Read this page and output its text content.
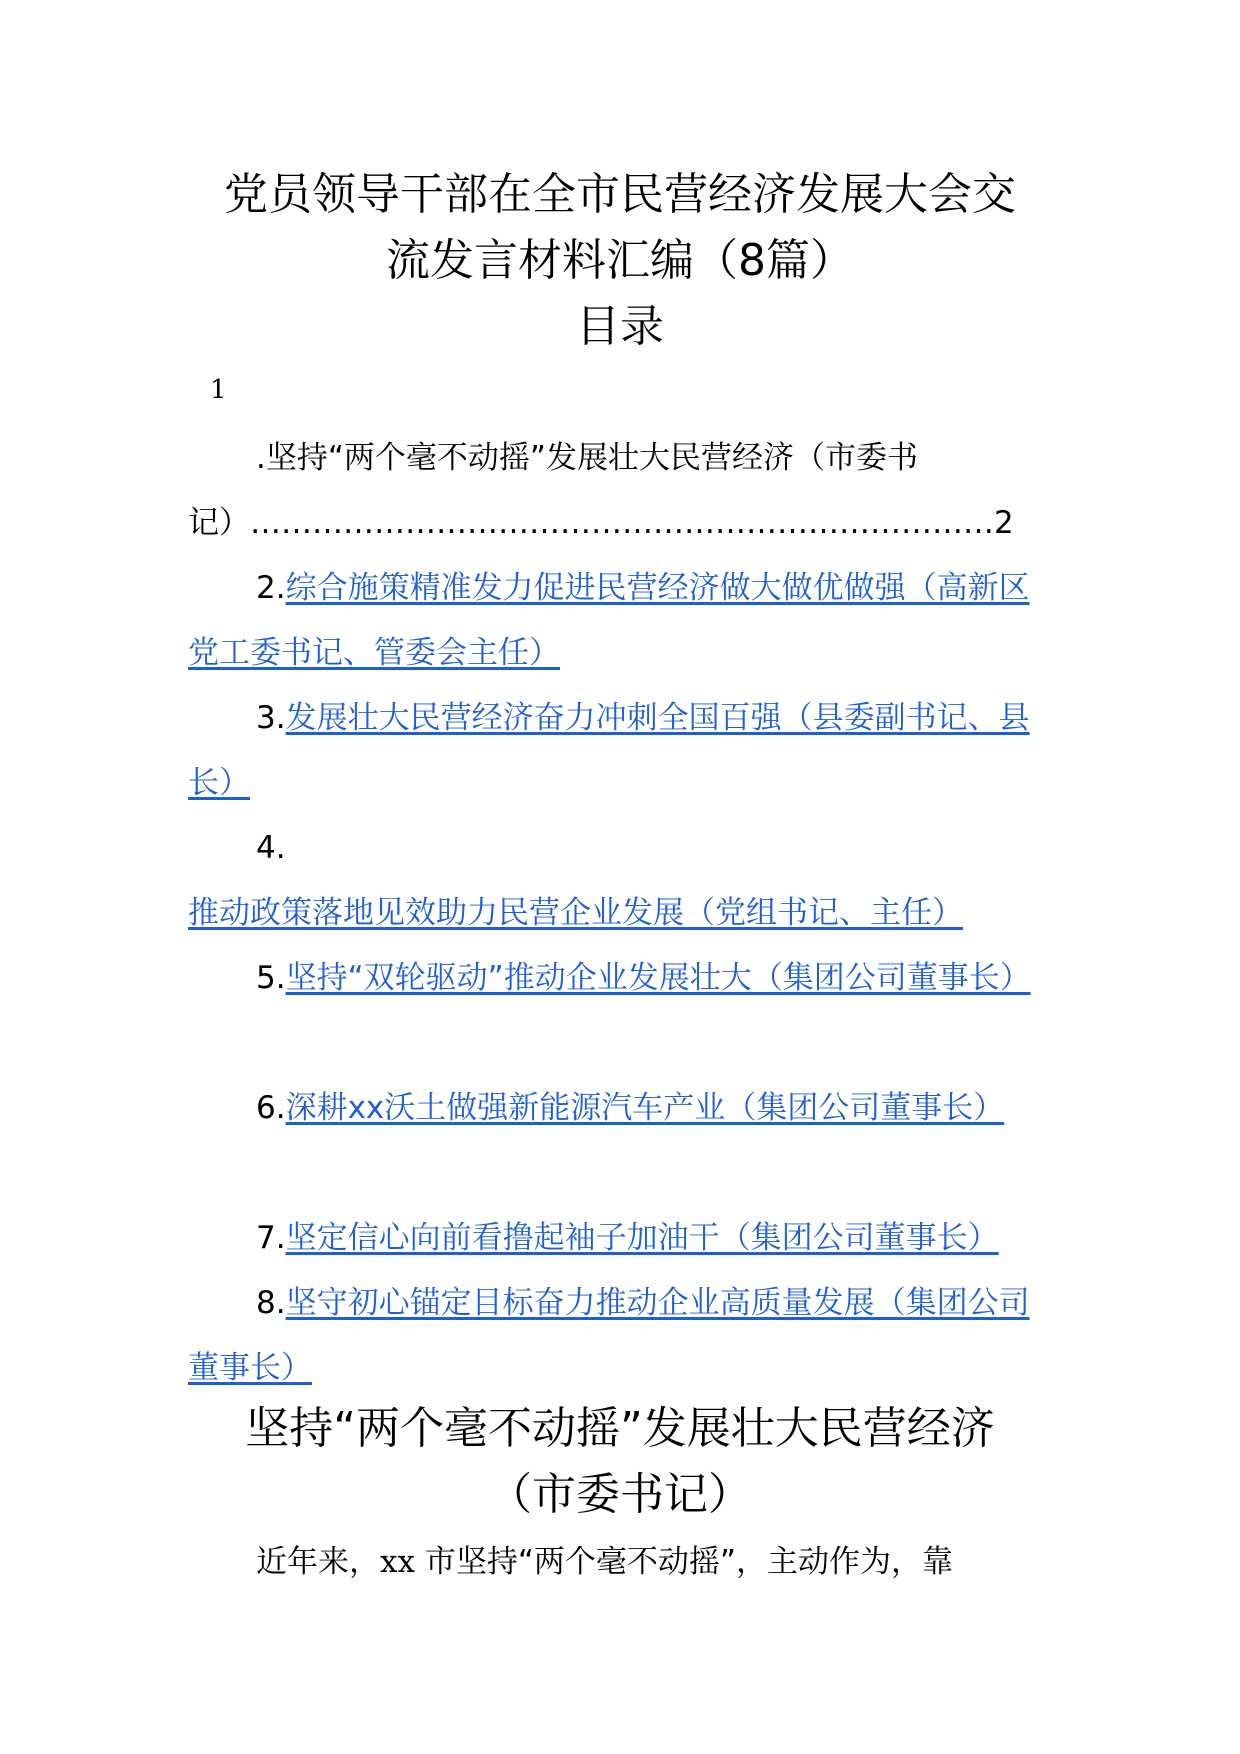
党员领导干部在全市民营经济发展大会交
流发言材料汇编（8篇）
目录
1

.坚持“两个毫不动摇”发展壮大民营经济（市委书
记）………………………………………………………………2

2.综合施策精准发力促进民营经济做大做优做强（高新区党工委书记、管委会主任）

3.发展壮大民营经济奋力冲刺全国百强（县委副书记、县长）

4.推动政策落地见效助力民营企业发展（党组书记、主任）

5.坚持“双轮驱动”推动企业发展壮大（集团公司董事长）

6.深耕xx沃土做强新能源汽车产业（集团公司董事长）

7.坚定信心向前看撸起袖子加油干（集团公司董事长）

8.坚守初心锚定目标奋力推动企业高质量发展（集团公司董事长）

坚持“两个毫不动摇”发展壮大民营经济
（市委书记）

近年来，xx 市坚持“两个毫不动摇”，主动作为，靠
